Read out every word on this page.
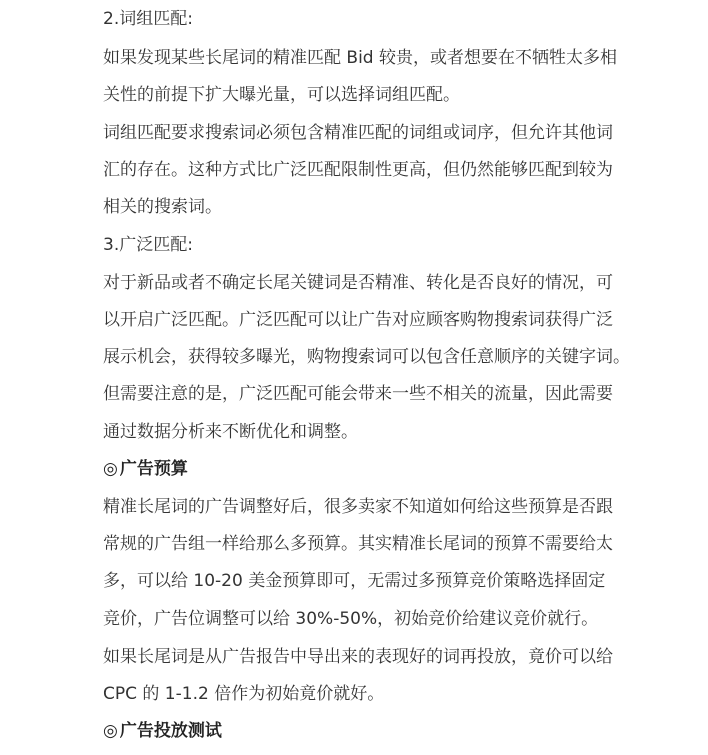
2.词组匹配:
如果发现某些长尾词的精准匹配 Bid 较贵，或者想要在不牺牲太多相
关性的前提下扩大曝光量，可以选择词组匹配。
词组匹配要求搜索词必须包含精准匹配的词组或词序，但允许其他词
汇的存在。这种方式比广泛匹配限制性更高，但仍然能够匹配到较为
相关的搜索词。
3.广泛匹配:
对于新品或者不确定长尾关键词是否精准、转化是否良好的情况，可
以开启广泛匹配。广泛匹配可以让广告对应顾客购物搜索词获得广泛
展示机会，获得较多曝光，购物搜索词可以包含任意顺序的关键字词。
但需要注意的是，广泛匹配可能会带来一些不相关的流量，因此需要
通过数据分析来不断优化和调整。
◎ 广告预算
精准长尾词的广告调整好后，很多卖家不知道如何给这些预算是否跟
常规的广告组一样给那么多预算。其实精准长尾词的预算不需要给太
多，可以给 10-20 美金预算即可，无需过多预算竞价策略选择固定
竞价，广告位调整可以给 30%-50%，初始竞价给建议竞价就行。
如果长尾词是从广告报告中导出来的表现好的词再投放，竟价可以给
CPC 的 1-1.2 倍作为初始竟价就好。
◎ 广告投放测试
